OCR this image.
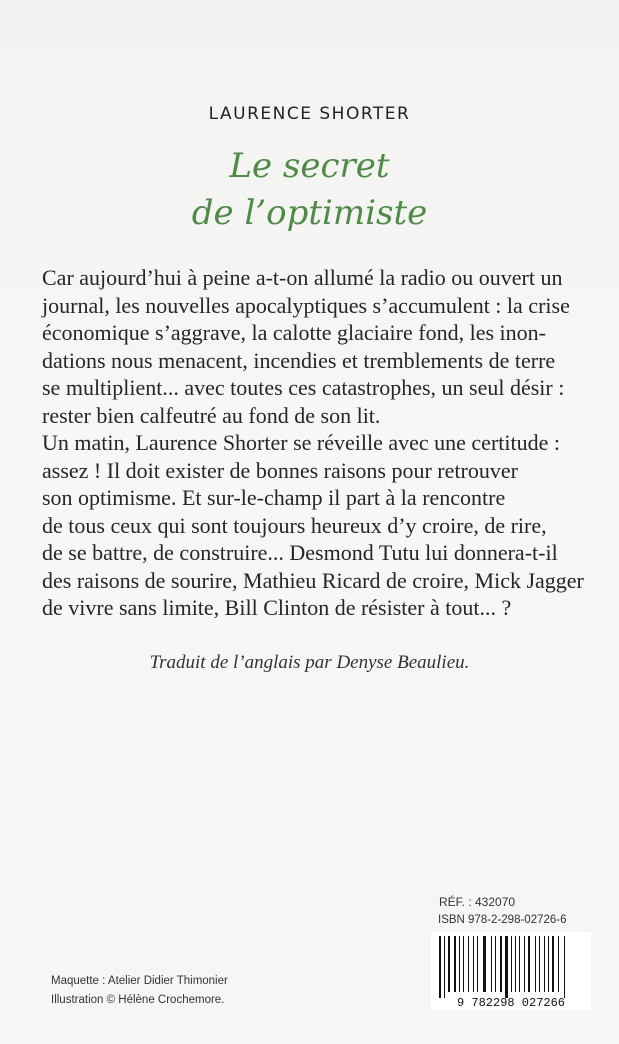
LAURENCE SHORTER
Le secret
de l’optimiste
Car aujourd’hui à peine a-t-on allumé la radio ou ouvert un
journal, les nouvelles apocalyptiques s’accumulent : la crise
économique s’aggrave, la calotte glaciaire fond, les inon-
dations nous menacent, incendies et tremblements de terre
se multiplient... avec toutes ces catastrophes, un seul désir :
rester bien calfeutré au fond de son lit.
Un matin, Laurence Shorter se réveille avec une certitude :
assez ! Il doit exister de bonnes raisons pour retrouver
son optimisme. Et sur-le-champ il part à la rencontre
de tous ceux qui sont toujours heureux d’y croire, de rire,
de se battre, de construire... Desmond Tutu lui donnera-t-il
des raisons de sourire, Mathieu Ricard de croire, Mick Jagger
de vivre sans limite, Bill Clinton de résister à tout... ?
Traduit de l’anglais par Denyse Beaulieu.
RÉF. : 432070
ISBN 978-2-298-02726-6
9 782298 027266
Maquette : Atelier Didier Thimonier
Illustration © Hélène Crochemore.
